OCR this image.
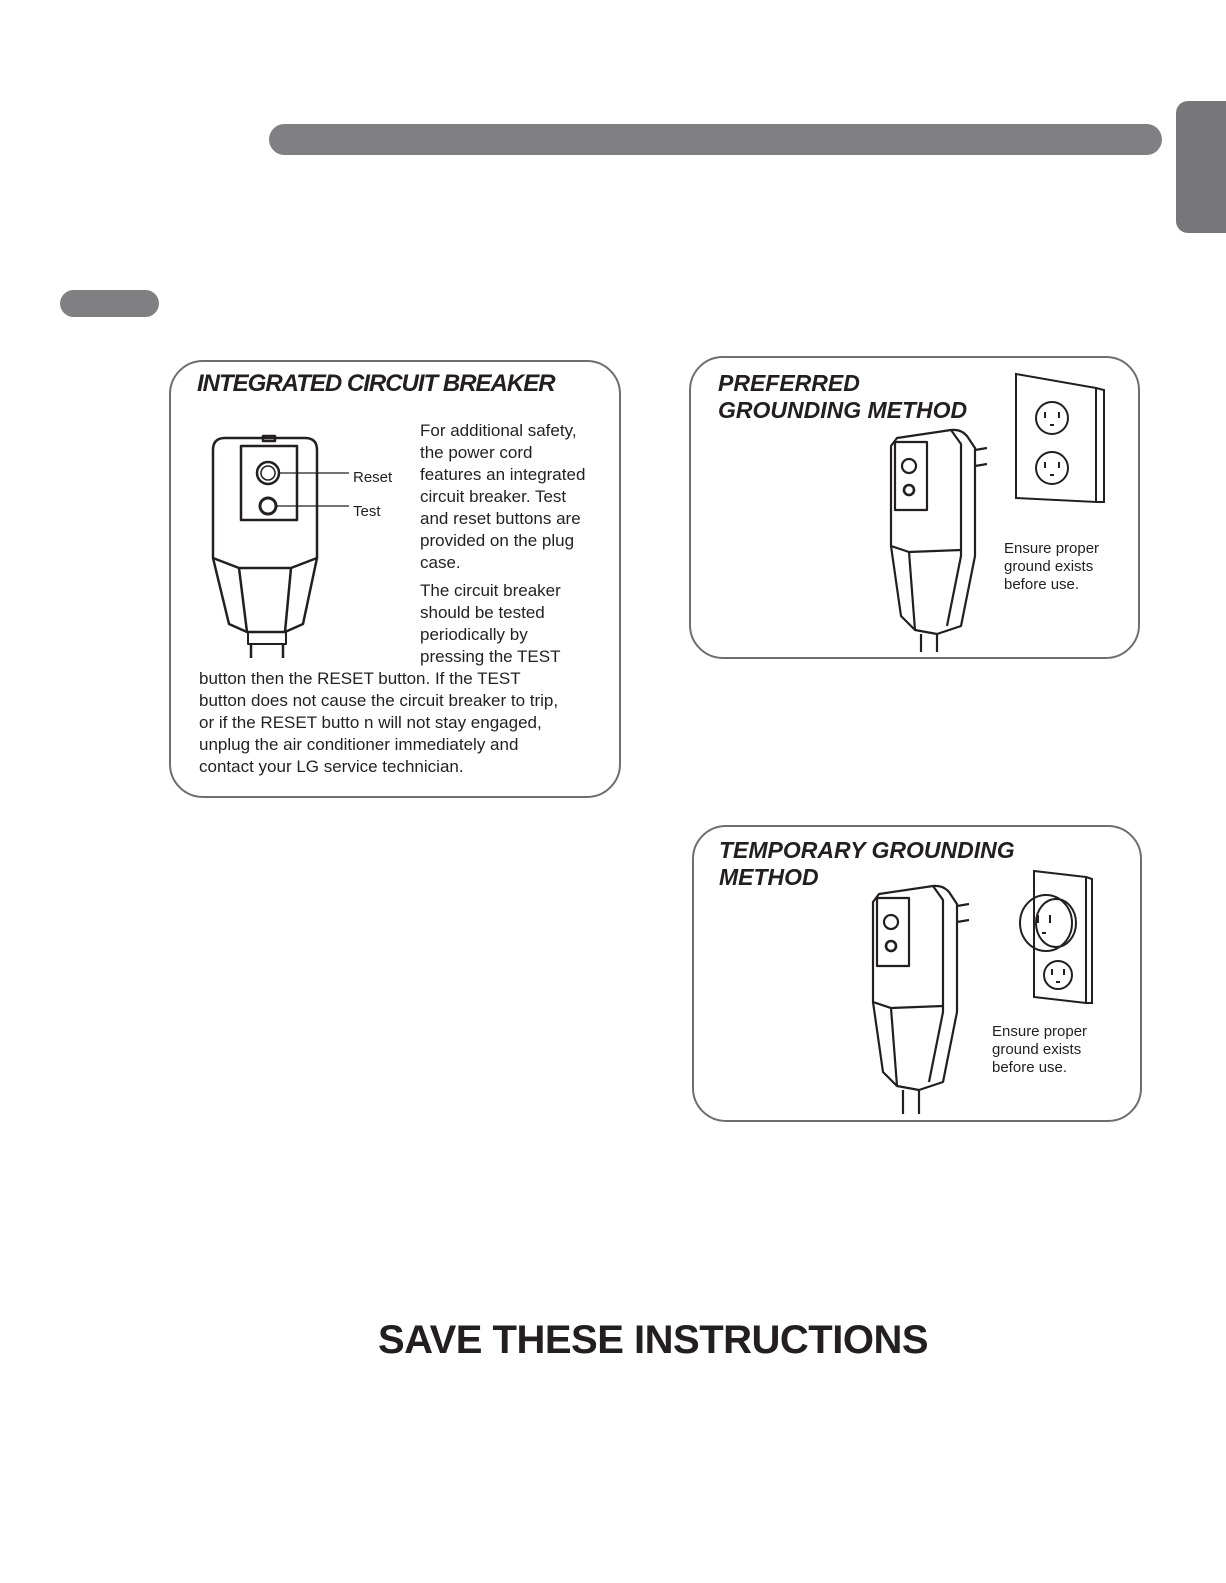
INTEGRATED CIRCUIT BREAKER
Reset
Test
For additional safety,
the power cord
features an integrated
circuit breaker. Test
and reset buttons are
provided on the plug
case.
The circuit breaker
should be tested
periodically by
pressing the TEST
button then the RESET button. If the TEST
button does not cause the circuit breaker to trip,
or if the RESET butto n will not stay engaged,
unplug the air conditioner immediately and
contact your LG service technician.
PREFERRED
GROUNDING METHOD
Ensure proper
ground exists
before use.
TEMPORARY GROUNDING
METHOD
Ensure proper
ground exists
before use.
SAVE THESE INSTRUCTIONS
